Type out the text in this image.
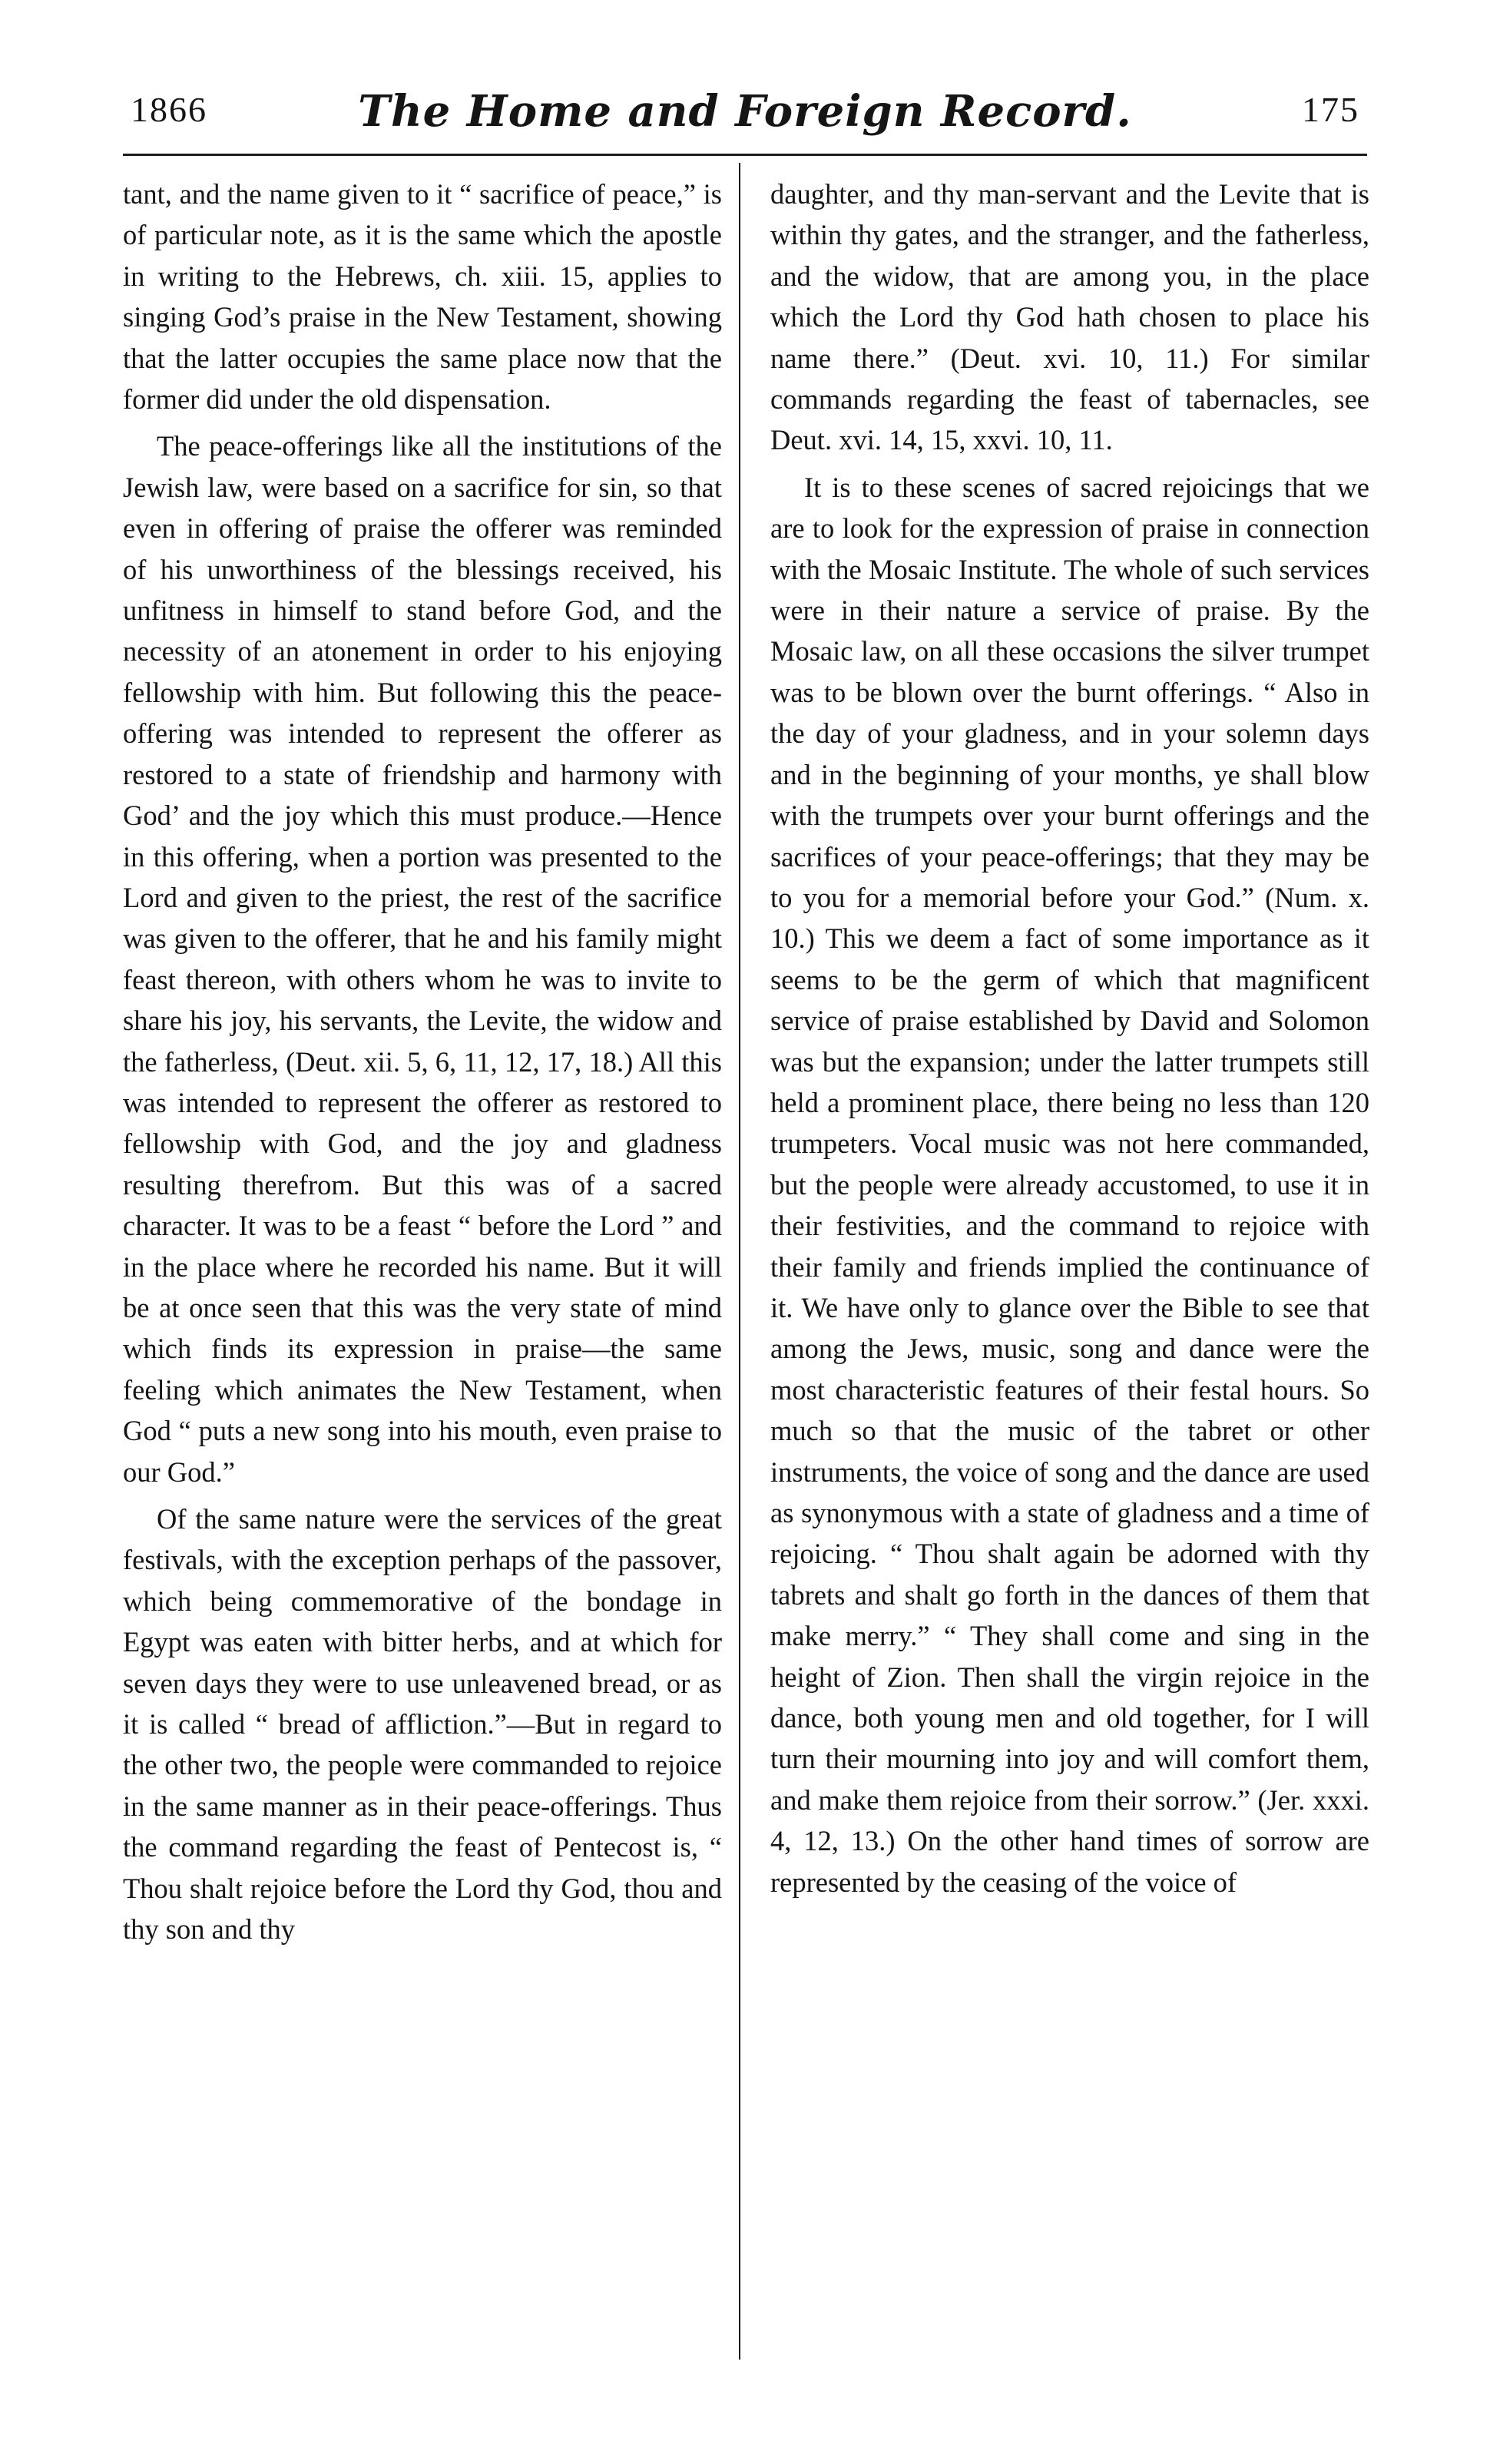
1866	The Home and Foreign Record.	175

tant, and the name given to it “ sacrifice of peace,” is of particular note, as it is the same which the apostle in writing to the Hebrews, ch. xiii. 15, applies to singing God’s praise in the New Testament, showing that the latter occupies the same place now that the former did under the old dispensation.

The peace-offerings like all the institutions of the Jewish law, were based on a sacrifice for sin, so that even in offering of praise the offerer was reminded of his unworthiness of the blessings received, his unfitness in himself to stand before God, and the necessity of an atonement in order to his enjoying fellowship with him. But following this the peace-offering was intended to represent the offerer as restored to a state of friendship and harmony with God’ and the joy which this must produce.—Hence in this offering, when a portion was presented to the Lord and given to the priest, the rest of the sacrifice was given to the offerer, that he and his family might feast thereon, with others whom he was to invite to share his joy, his servants, the Levite, the widow and the fatherless, (Deut. xii. 5, 6, 11, 12, 17, 18.) All this was intended to represent the offerer as restored to fellowship with God, and the joy and gladness resulting therefrom. But this was of a sacred character. It was to be a feast “ before the Lord ” and in the place where he recorded his name. But it will be at once seen that this was the very state of mind which finds its expression in praise—the same feeling which animates the New Testament, when God “ puts a new song into his mouth, even praise to our God.”

Of the same nature were the services of the great festivals, with the exception perhaps of the passover, which being commemorative of the bondage in Egypt was eaten with bitter herbs, and at which for seven days they were to use unleavened bread, or as it is called “ bread of affliction.”—But in regard to the other two, the people were commanded to rejoice in the same manner as in their peace-offerings. Thus the command regarding the feast of Pentecost is, “ Thou shalt rejoice before the Lord thy God, thou and thy son and thy

daughter, and thy man-servant and the Levite that is within thy gates, and the stranger, and the fatherless, and the widow, that are among you, in the place which the Lord thy God hath chosen to place his name there.” (Deut. xvi. 10, 11.) For similar commands regarding the feast of tabernacles, see Deut. xvi. 14, 15, xxvi. 10, 11.

It is to these scenes of sacred rejoicings that we are to look for the expression of praise in connection with the Mosaic Institute. The whole of such services were in their nature a service of praise. By the Mosaic law, on all these occasions the silver trumpet was to be blown over the burnt offerings. “ Also in the day of your gladness, and in your solemn days and in the beginning of your months, ye shall blow with the trumpets over your burnt offerings and the sacrifices of your peace-offerings; that they may be to you for a memorial before your God.” (Num. x. 10.) This we deem a fact of some importance as it seems to be the germ of which that magnificent service of praise established by David and Solomon was but the expansion; under the latter trumpets still held a prominent place, there being no less than 120 trumpeters. Vocal music was not here commanded, but the people were already accustomed, to use it in their festivities, and the command to rejoice with their family and friends implied the continuance of it. We have only to glance over the Bible to see that among the Jews, music, song and dance were the most characteristic features of their festal hours. So much so that the music of the tabret or other instruments, the voice of song and the dance are used as synonymous with a state of gladness and a time of rejoicing. “ Thou shalt again be adorned with thy tabrets and shalt go forth in the dances of them that make merry.” “ They shall come and sing in the height of Zion. Then shall the virgin rejoice in the dance, both young men and old together, for I will turn their mourning into joy and will comfort them, and make them rejoice from their sorrow.” (Jer. xxxi. 4, 12, 13.) On the other hand times of sorrow are represented by the ceasing of the voice of
